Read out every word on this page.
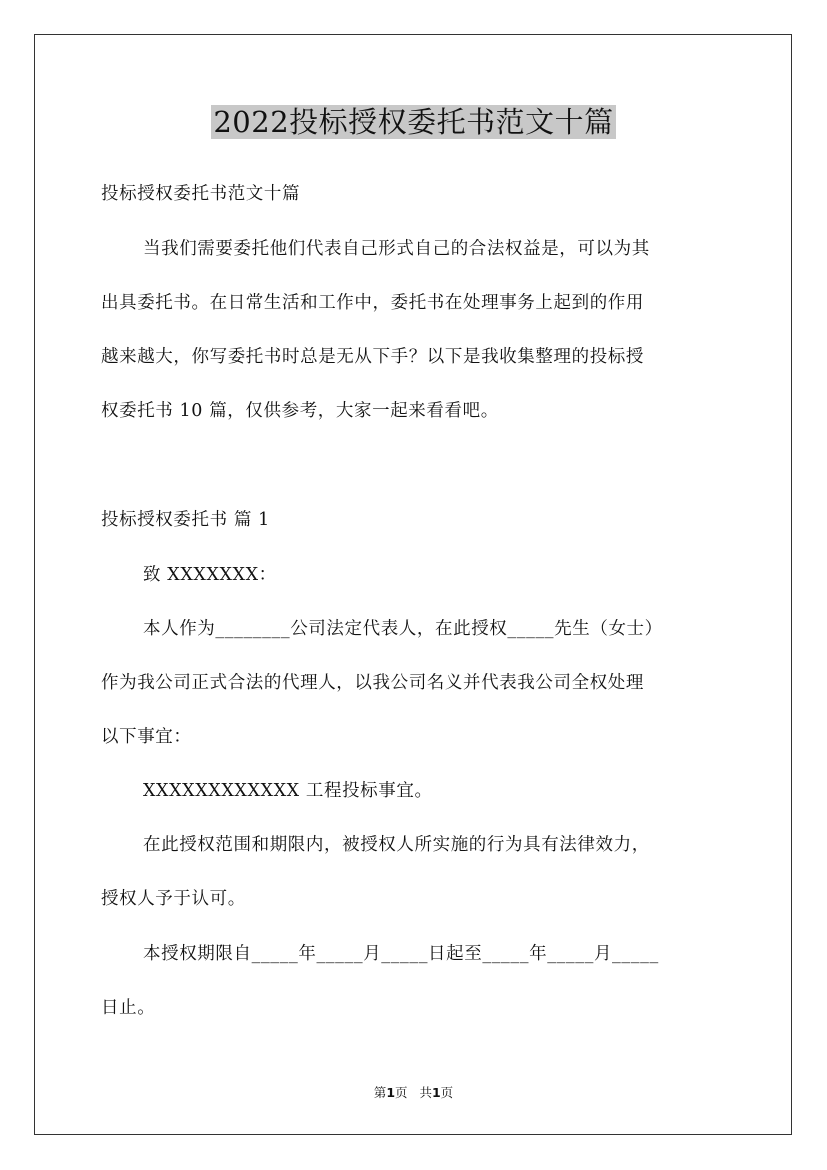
2022投标授权委托书范文十篇
投标授权委托书范文十篇
当我们需要委托他们代表自己形式自己的合法权益是，可以为其
出具委托书。在日常生活和工作中，委托书在处理事务上起到的作用
越来越大，你写委托书时总是无从下手？以下是我收集整理的投标授
权委托书 10 篇，仅供参考，大家一起来看看吧。
投标授权委托书 篇 1
致 XXXXXXX：
本人作为________公司法定代表人，在此授权_____先生（女士）
作为我公司正式合法的代理人，以我公司名义并代表我公司全权处理
以下事宜：
XXXXXXXXXXXX 工程投标事宜。
在此授权范围和期限内，被授权人所实施的行为具有法律效力，
授权人予于认可。
本授权期限自_____年_____月_____日起至_____年_____月_____
日止。
第1页 共1页
